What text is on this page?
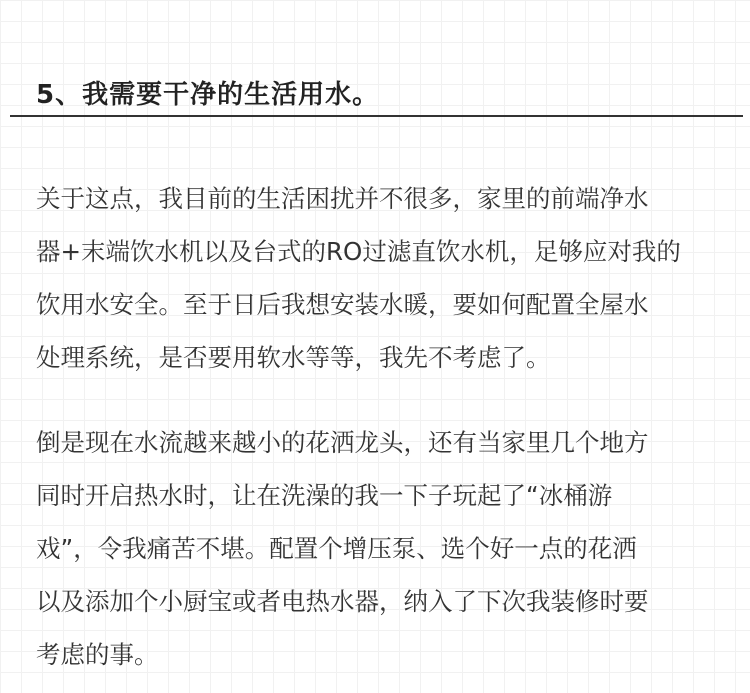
5、我需要干净的生活用水。

关于这点，我目前的生活困扰并不很多，家里的前端净水
器+末端饮水机以及台式的RO过滤直饮水机，足够应对我的
饮用水安全。至于日后我想安装水暖，要如何配置全屋水
处理系统，是否要用软水等等，我先不考虑了。

倒是现在水流越来越小的花洒龙头，还有当家里几个地方
同时开启热水时，让在洗澡的我一下子玩起了“冰桶游
戏”，令我痛苦不堪。配置个增压泵、选个好一点的花洒
以及添加个小厨宝或者电热水器，纳入了下次我装修时要
考虑的事。
